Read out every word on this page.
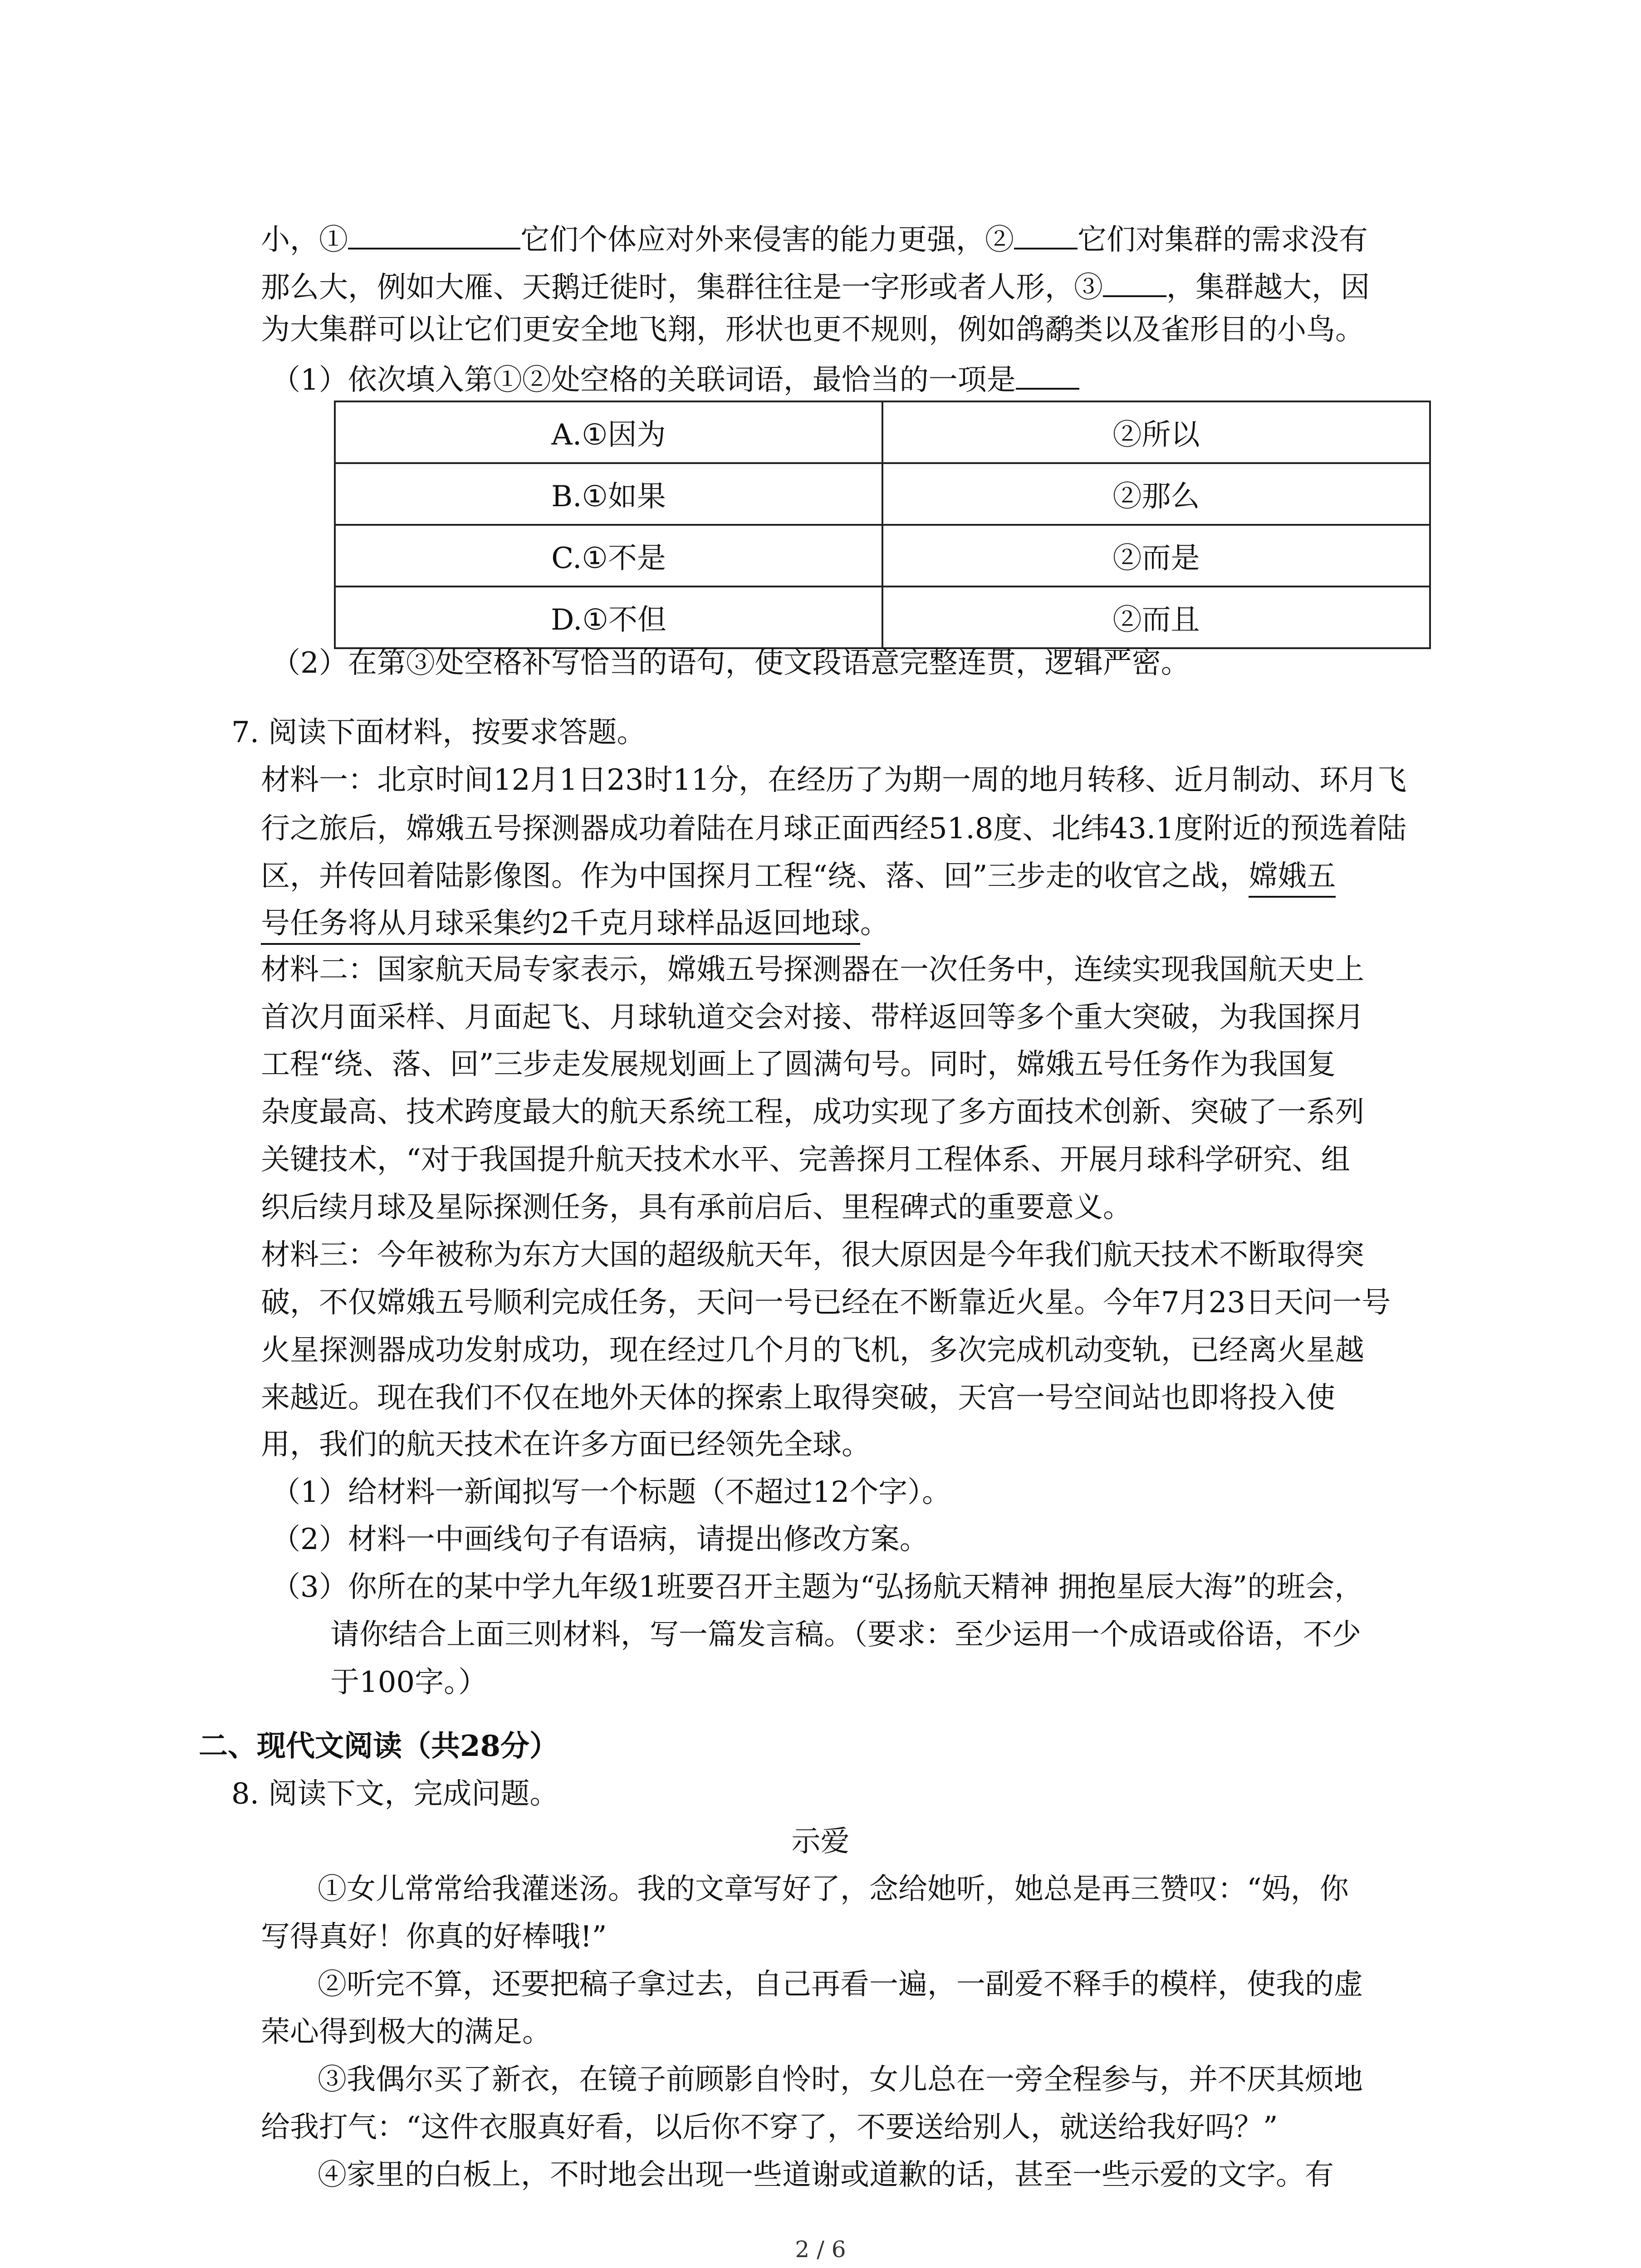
小，①	它们个体应对外来侵害的能力更强，② 它们对集群的需求没有
那么大，例如大雁、天鹅迁徙时，集群往往是一字形或者人形，③ ，集群越大，因
为大集群可以让它们更安全地飞翔，形状也更不规则，例如鸽鹬类以及雀形目的小鸟。
（1）依次填入第①②处空格的关联词语，最恰当的一项是
A.①因为	②所以
B.①如果	②那么
C.①不是	②而是
D.①不但	②而且
（2）在第③处空格补写恰当的语句，使文段语意完整连贯，逻辑严密。
7. 阅读下面材料，按要求答题。
材料一：北京时间12月1日23时11分，在经历了为期一周的地月转移、近月制动、环月飞
行之旅后，嫦娥五号探测器成功着陆在月球正面西经51.8度、北纬43.1度附近的预选着陆
区，并传回着陆影像图。作为中国探月工程“绕、落、回”三步走的收官之战，嫦娥五
号任务将从月球采集约2千克月球样品返回地球。
材料二：国家航天局专家表示，嫦娥五号探测器在一次任务中，连续实现我国航天史上
首次月面采样、月面起飞、月球轨道交会对接、带样返回等多个重大突破，为我国探月
工程“绕、落、回”三步走发展规划画上了圆满句号。同时，嫦娥五号任务作为我国复
杂度最高、技术跨度最大的航天系统工程，成功实现了多方面技术创新、突破了一系列
关键技术，“对于我国提升航天技术水平、完善探月工程体系、开展月球科学研究、组
织后续月球及星际探测任务，具有承前启后、里程碑式的重要意义。
材料三：今年被称为东方大国的超级航天年，很大原因是今年我们航天技术不断取得突
破，不仅嫦娥五号顺利完成任务，天问一号已经在不断靠近火星。今年7月23日天问一号
火星探测器成功发射成功，现在经过几个月的飞机，多次完成机动变轨，已经离火星越
来越近。现在我们不仅在地外天体的探索上取得突破，天宫一号空间站也即将投入使
用，我们的航天技术在许多方面已经领先全球。
（1）给材料一新闻拟写一个标题（不超过12个字）。
（2）材料一中画线句子有语病，请提出修改方案。
（3）你所在的某中学九年级1班要召开主题为“弘扬航天精神 拥抱星辰大海”的班会，
请你结合上面三则材料，写一篇发言稿。（要求：至少运用一个成语或俗语，不少
于100字。）
二、现代文阅读（共28分）
8. 阅读下文，完成问题。
示爱
①女儿常常给我灌迷汤。我的文章写好了，念给她听，她总是再三赞叹：“妈，你
写得真好！你真的好棒哦!”
②听完不算，还要把稿子拿过去，自己再看一遍，一副爱不释手的模样，使我的虚
荣心得到极大的满足。
③我偶尔买了新衣，在镜子前顾影自怜时，女儿总在一旁全程参与，并不厌其烦地
给我打气：“这件衣服真好看，以后你不穿了，不要送给别人，就送给我好吗？”
④家里的白板上，不时地会出现一些道谢或道歉的话，甚至一些示爱的文字。有
2 / 6
